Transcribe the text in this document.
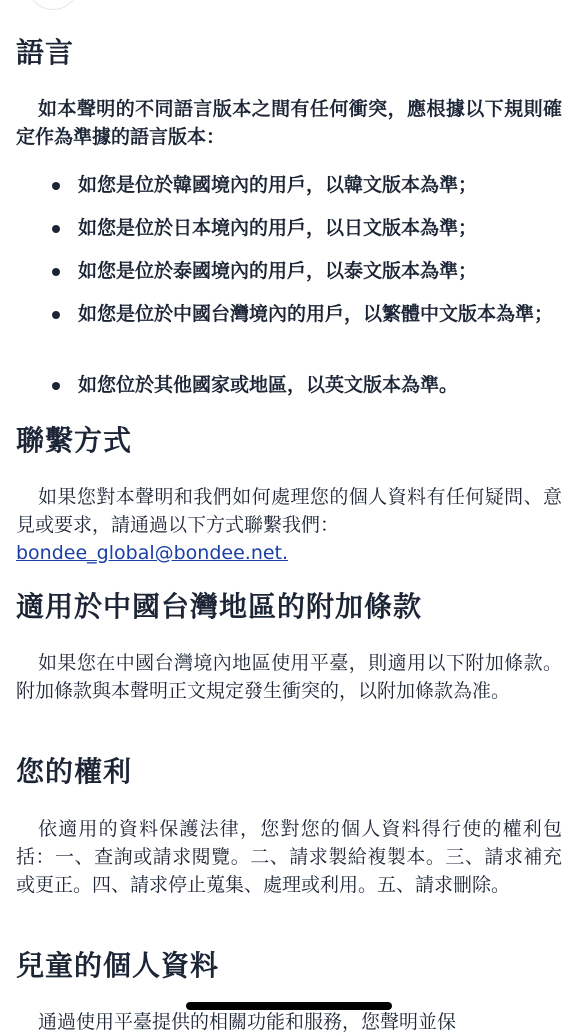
語言

如本聲明的不同語言版本之間有任何衝突，應根據以下規則確定作為準據的語言版本：

如您是位於韓國境內的用戶，以韓文版本為準；
如您是位於日本境內的用戶，以日文版本為準；
如您是位於泰國境內的用戶，以泰文版本為準；
如您是位於中國台灣境內的用戶，以繁體中文版本為準；
如您位於其他國家或地區，以英文版本為準。
聯繫方式

如果您對本聲明和我們如何處理您的個人資料有任何疑問、意見或要求，請通過以下方式聯繫我們：
bondee_global@bondee.net.

適用於中國台灣地區的附加條款

如果您在中國台灣境內地區使用平臺，則適用以下附加條款。附加條款與本聲明正文規定發生衝突的，以附加條款為准。

您的權利

依適用的資料保護法律，您對您的個人資料得行使的權利包括：一、查詢或請求閱覽。二、請求製給複製本。三、請求補充或更正。四、請求停止蒐集、處理或利用。五、請求刪除。

兒童的個人資料

通過使用平臺提供的相關功能和服務，您聲明並保
